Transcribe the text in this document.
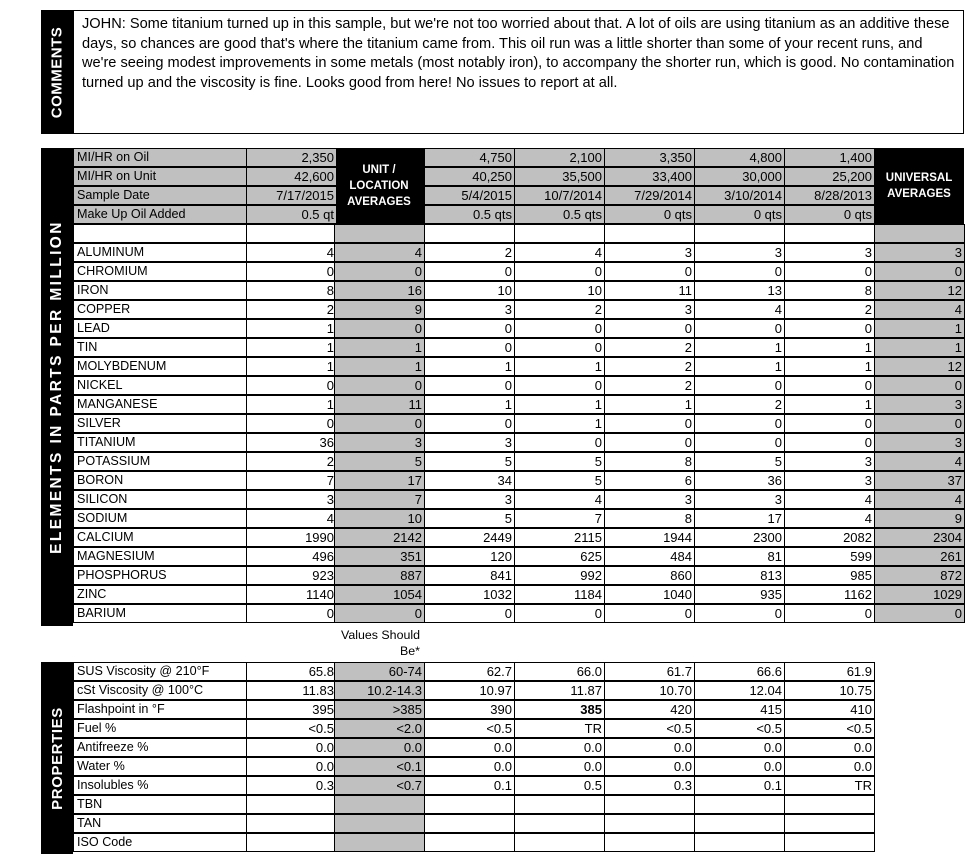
COMMENTS
JOHN: Some titanium turned up in this sample, but we're not too worried about that. A lot of oils are using titanium as an additive these days, so chances are good that's where the titanium came from. This oil run was a little shorter than some of your recent runs, and we're seeing modest improvements in some metals (most notably iron), to accompany the shorter run, which is good. No contamination turned up and the viscosity is fine. Looks good from here! No issues to report at all.
ELEMENTS IN PARTS PER MILLION
PROPERTIES
UNIT / LOCATION AVERAGES
UNIVERSAL AVERAGES
Values Should Be*
MI/HR on Oil	2,350	4,750	2,100	3,350	4,800	1,400
MI/HR on Unit	42,600	40,250	35,500	33,400	30,000	25,200
Sample Date	7/17/2015	5/4/2015	10/7/2014	7/29/2014	3/10/2014	8/28/2013
Make Up Oil Added	0.5 qt	0.5 qts	0.5 qts	0 qts	0 qts	0 qts
ALUMINUM	4	4	2	4	3	3	3	3
CHROMIUM	0	0	0	0	0	0	0	0
IRON	8	16	10	10	11	13	8	12
COPPER	2	9	3	2	3	4	2	4
LEAD	1	0	0	0	0	0	0	1
TIN	1	1	0	0	2	1	1	1
MOLYBDENUM	1	1	1	1	2	1	1	12
NICKEL	0	0	0	0	2	0	0	0
MANGANESE	1	11	1	1	1	2	1	3
SILVER	0	0	0	1	0	0	0	0
TITANIUM	36	3	3	0	0	0	0	3
POTASSIUM	2	5	5	5	8	5	3	4
BORON	7	17	34	5	6	36	3	37
SILICON	3	7	3	4	3	3	4	4
SODIUM	4	10	5	7	8	17	4	9
CALCIUM	1990	2142	2449	2115	1944	2300	2082	2304
MAGNESIUM	496	351	120	625	484	81	599	261
PHOSPHORUS	923	887	841	992	860	813	985	872
ZINC	1140	1054	1032	1184	1040	935	1162	1029
BARIUM	0	0	0	0	0	0	0	0
SUS Viscosity @ 210°F	65.8	60-74	62.7	66.0	61.7	66.6	61.9
cSt Viscosity @ 100°C	11.83	10.2-14.3	10.97	11.87	10.70	12.04	10.75
Flashpoint in °F	395	>385	390	385	420	415	410
Fuel %	<0.5	<2.0	<0.5	TR	<0.5	<0.5	<0.5
Antifreeze %	0.0	0.0	0.0	0.0	0.0	0.0	0.0
Water %	0.0	<0.1	0.0	0.0	0.0	0.0	0.0
Insolubles %	0.3	<0.7	0.1	0.5	0.3	0.1	TR
TBN
TAN
ISO Code
